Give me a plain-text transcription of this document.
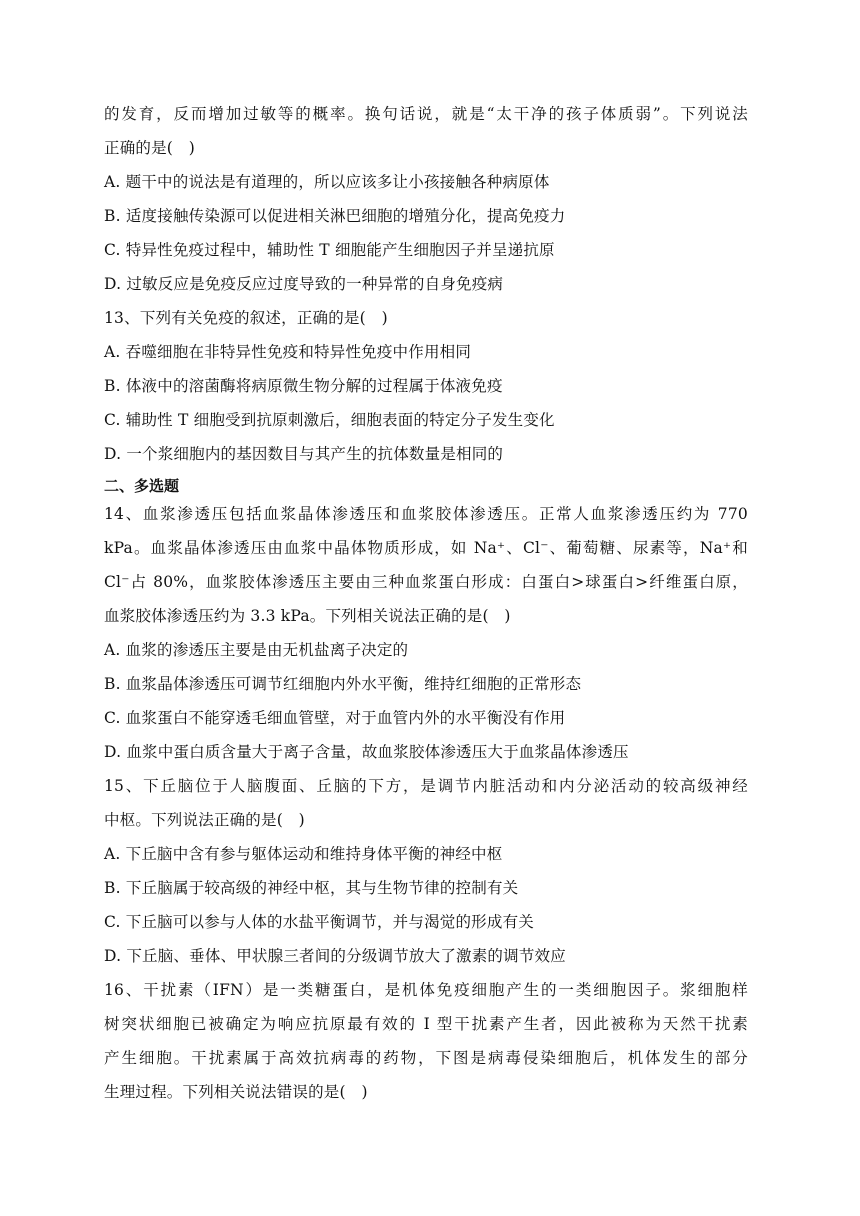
的发育，反而增加过敏等的概率。换句话说，就是“太干净的孩子体质弱”。下列说法
正确的是(　)
A. 题干中的说法是有道理的，所以应该多让小孩接触各种病原体
B. 适度接触传染源可以促进相关淋巴细胞的增殖分化，提高免疫力
C. 特异性免疫过程中，辅助性 T 细胞能产生细胞因子并呈递抗原
D. 过敏反应是免疫反应过度导致的一种异常的自身免疫病
13、下列有关免疫的叙述，正确的是(　)
A. 吞噬细胞在非特异性免疫和特异性免疫中作用相同
B. 体液中的溶菌酶将病原微生物分解的过程属于体液免疫
C. 辅助性 T 细胞受到抗原刺激后，细胞表面的特定分子发生变化
D. 一个浆细胞内的基因数目与其产生的抗体数量是相同的
二、多选题
14、血浆渗透压包括血浆晶体渗透压和血浆胶体渗透压。正常人血浆渗透压约为 770
kPa。血浆晶体渗透压由血浆中晶体物质形成，如 Na⁺、Cl⁻、葡萄糖、尿素等，Na⁺和
Cl⁻占 80%，血浆胶体渗透压主要由三种血浆蛋白形成：白蛋白>球蛋白>纤维蛋白原，
血浆胶体渗透压约为 3.3 kPa。下列相关说法正确的是(　)
A. 血浆的渗透压主要是由无机盐离子决定的
B. 血浆晶体渗透压可调节红细胞内外水平衡，维持红细胞的正常形态
C. 血浆蛋白不能穿透毛细血管壁，对于血管内外的水平衡没有作用
D. 血浆中蛋白质含量大于离子含量，故血浆胶体渗透压大于血浆晶体渗透压
15、下丘脑位于人脑腹面、丘脑的下方，是调节内脏活动和内分泌活动的较高级神经
中枢。下列说法正确的是(　)
A. 下丘脑中含有参与躯体运动和维持身体平衡的神经中枢
B. 下丘脑属于较高级的神经中枢，其与生物节律的控制有关
C. 下丘脑可以参与人体的水盐平衡调节，并与渴觉的形成有关
D. 下丘脑、垂体、甲状腺三者间的分级调节放大了激素的调节效应
16、干扰素（IFN）是一类糖蛋白，是机体免疫细胞产生的一类细胞因子。浆细胞样
树突状细胞已被确定为响应抗原最有效的 I 型干扰素产生者，因此被称为天然干扰素
产生细胞。干扰素属于高效抗病毒的药物，下图是病毒侵染细胞后，机体发生的部分
生理过程。下列相关说法错误的是(　)
